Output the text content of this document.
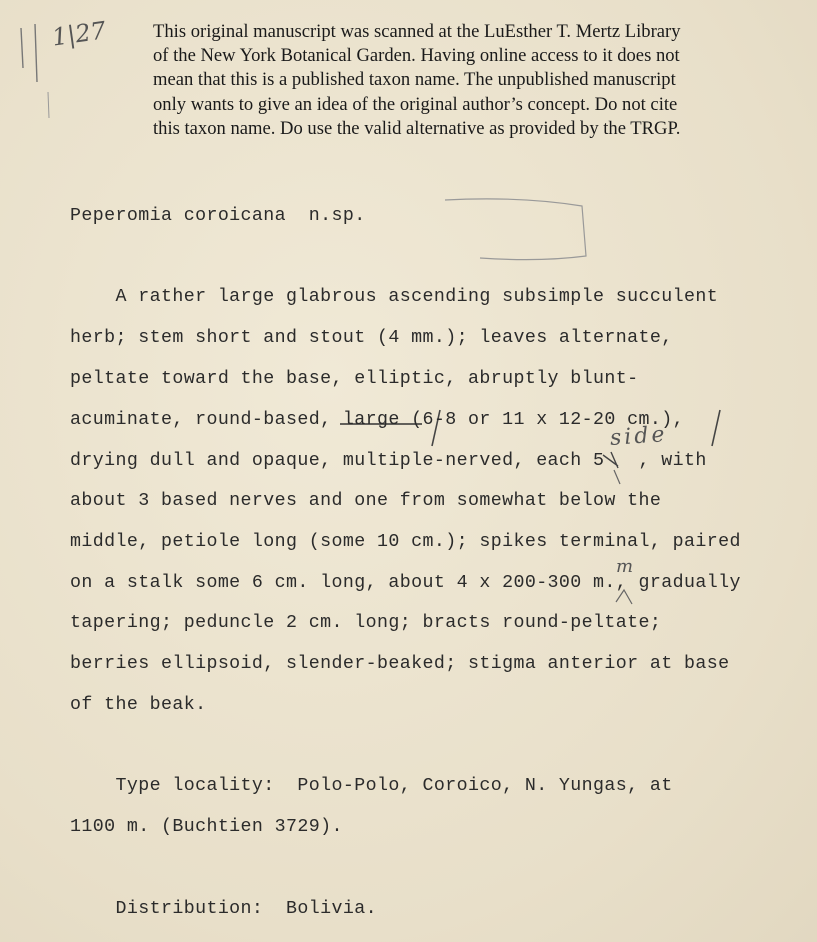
1|27 This original manuscript was scanned at the LuEsther T. Mertz Library
of the New York Botanical Garden. Having online access to it does not
mean that this is a published taxon name. The unpublished manuscript
only wants to give an idea of the original author’s concept. Do not cite
this taxon name. Do use the valid alternative as provided by the TRGP.
Peperomia coroicana  n.sp.
A rather large glabrous ascending subsimple succulent
herb; stem short and stout (4 mm.); leaves alternate,
peltate toward the base, elliptic, abruptly blunt-
acuminate, round-based, large (6-8 or 11 x 12-20 cm.),
drying dull and opaque, multiple-nerved, each 5   , with
about 3 based nerves and one from somewhat below the
middle, petiole long (some 10 cm.); spikes terminal, paired
on a stalk some 6 cm. long, about 4 x 200-300 m., gradually
tapering; peduncle 2 cm. long; bracts round-peltate;
berries ellipsoid, slender-beaked; stigma anterior at base
of the beak.
side
m
Type locality:  Polo-Polo, Coroico, N. Yungas, at
1100 m. (Buchtien 3729).
Distribution:  Bolivia.
